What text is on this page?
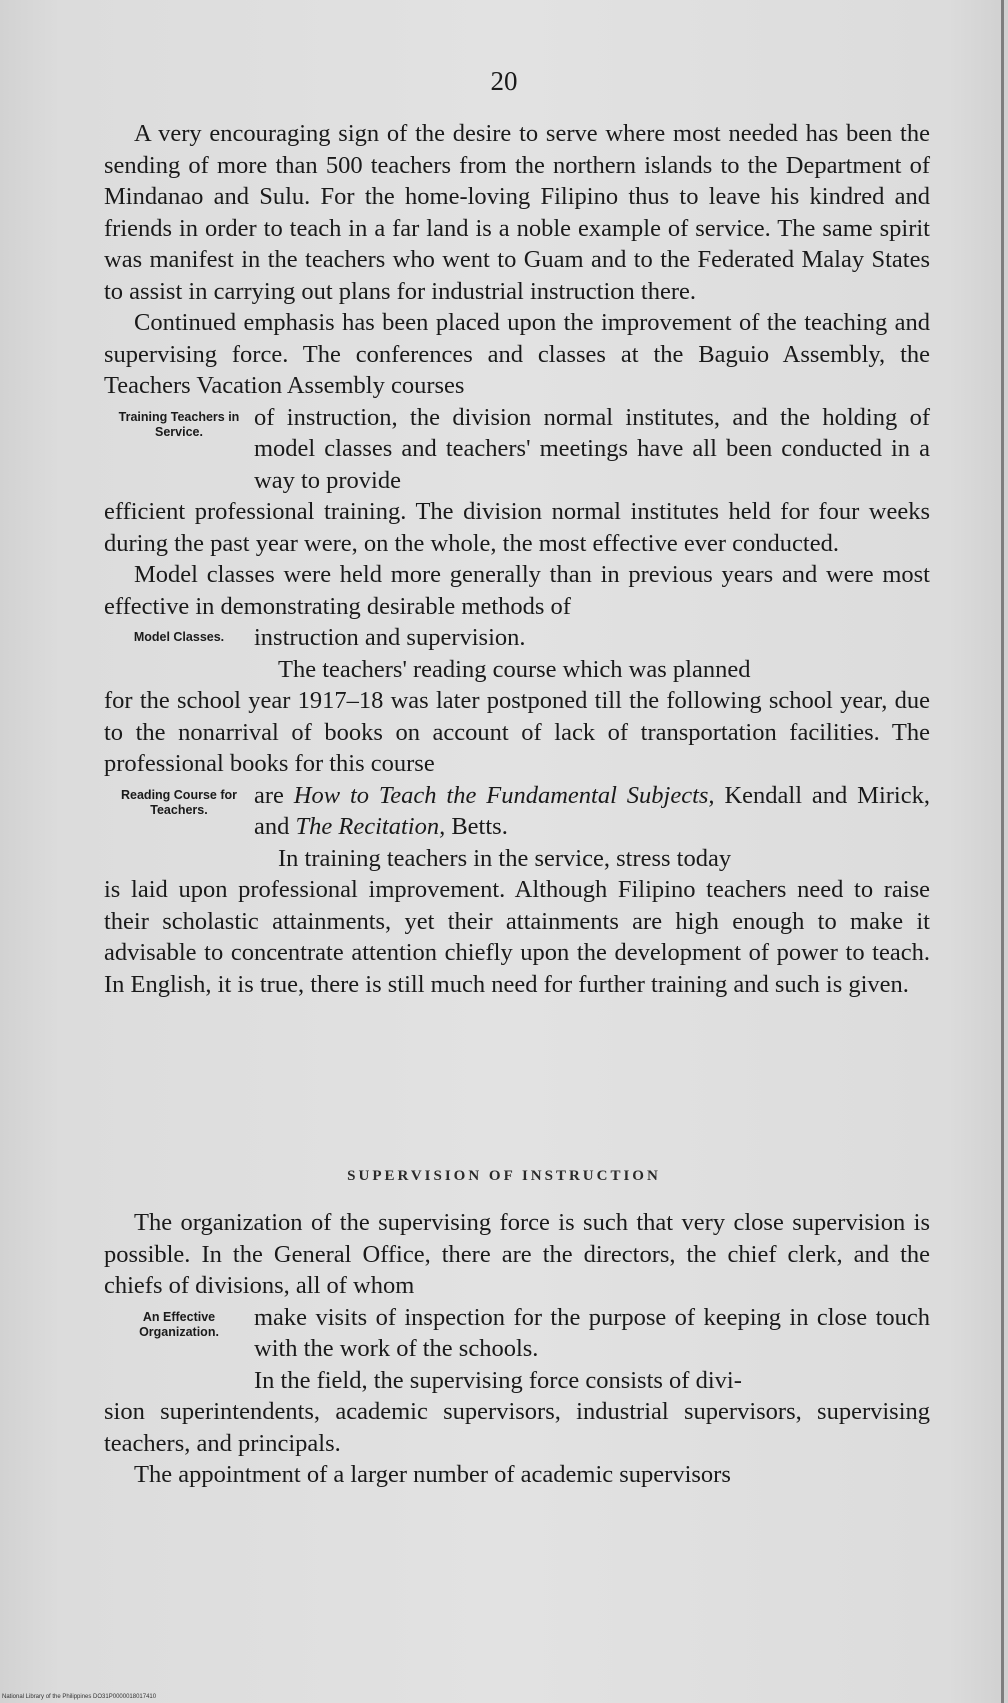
20

A very encouraging sign of the desire to serve where most needed has been the sending of more than 500 teachers from the northern islands to the Department of Mindanao and Sulu. For the home-loving Filipino thus to leave his kindred and friends in order to teach in a far land is a noble example of service. The same spirit was manifest in the teachers who went to Guam and to the Federated Malay States to assist in carrying out plans for industrial instruction there.

Continued emphasis has been placed upon the improvement of the teaching and supervising force. The conferences and classes at the Baguio Assembly, the Teachers Vacation Assembly courses

Training Teachers in Service.
of instruction, the division normal institutes, and the holding of model classes and teachers' meetings have all been conducted in a way to provide

efficient professional training. The division normal institutes held for four weeks during the past year were, on the whole, the most effective ever conducted.

Model classes were held more generally than in previous years and were most effective in demonstrating desirable methods of

Model Classes.	instruction and supervision.
The teachers' reading course which was planned

for the school year 1917–18 was later postponed till the following school year, due to the nonarrival of books on account of lack of transportation facilities. The professional books for this course

Reading Course for Teachers.
are How to Teach the Fundamental Subjects, Kendall and Mirick, and The Recitation, Betts.
In training teachers in the service, stress today

is laid upon professional improvement. Although Filipino teachers need to raise their scholastic attainments, yet their attainments are high enough to make it advisable to concentrate attention chiefly upon the development of power to teach. In English, it is true, there is still much need for further training and such is given.

SUPERVISION OF INSTRUCTION

The organization of the supervising force is such that very close supervision is possible. In the General Office, there are the directors, the chief clerk, and the chiefs of divisions, all of whom

An Effective Organization.
make visits of inspection for the purpose of keeping in close touch with the work of the schools.
In the field, the supervising force consists of divi-

sion superintendents, academic supervisors, industrial supervisors, supervising teachers, and principals.

The appointment of a larger number of academic supervisors

National Library of the Philippines DO31P0000018017410
